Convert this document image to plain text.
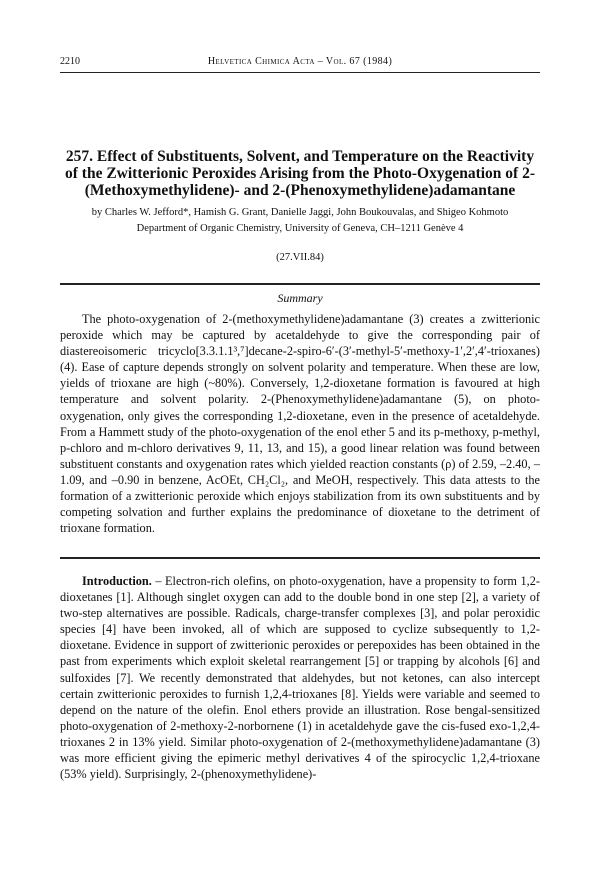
2210	Helvetica Chimica Acta – Vol. 67 (1984)
257. Effect of Substituents, Solvent, and Temperature on the Reactivity of the Zwitterionic Peroxides Arising from the Photo-Oxygenation of 2-(Methoxymethylidene)- and 2-(Phenoxymethylidene)adamantane
by Charles W. Jefford*, Hamish G. Grant, Danielle Jaggi, John Boukouvalas, and Shigeo Kohmoto
Department of Organic Chemistry, University of Geneva, CH–1211 Genève 4
(27.VII.84)
Summary

The photo-oxygenation of 2-(methoxymethylidene)adamantane (3) creates a zwitterionic peroxide which may be captured by acetaldehyde to give the corresponding pair of diastereoisomeric tricyclo[3.3.1.1³,⁷]decane-2-spiro-6′-(3′-methyl-5′-methoxy-1′,2′,4′-trioxanes) (4). Ease of capture depends strongly on solvent polarity and temperature. When these are low, yields of trioxane are high (~80%). Conversely, 1,2-dioxetane formation is favoured at high temperature and solvent polarity. 2-(Phenoxymethylidene)adamantane (5), on photo-oxygenation, only gives the corresponding 1,2-dioxetane, even in the presence of acetaldehyde. From a Hammett study of the photo-oxygenation of the enol ether 5 and its p-methoxy, p-methyl, p-chloro and m-chloro derivatives 9, 11, 13, and 15), a good linear relation was found between substituent constants and oxygenation rates which yielded reaction constants (ρ) of 2.59, –2.40, –1.09, and –0.90 in benzene, AcOEt, CH₂Cl₂, and MeOH, respectively. This data attests to the formation of a zwitterionic peroxide which enjoys stabilization from its own substituents and by competing solvation and further explains the predominance of dioxetane to the detriment of trioxane formation.

Introduction. – Electron-rich olefins, on photo-oxygenation, have a propensity to form 1,2-dioxetanes [1]. Although singlet oxygen can add to the double bond in one step [2], a variety of two-step alternatives are possible. Radicals, charge-transfer complexes [3], and polar peroxidic species [4] have been invoked, all of which are supposed to cyclize subsequently to 1,2-dioxetane. Evidence in support of zwitterionic peroxides or perepoxides has been obtained in the past from experiments which exploit skeletal rearrangement [5] or trapping by alcohols [6] and sulfoxides [7]. We recently demonstrated that aldehydes, but not ketones, can also intercept certain zwitterionic peroxides to furnish 1,2,4-trioxanes [8]. Yields were variable and seemed to depend on the nature of the olefin. Enol ethers provide an illustration. Rose bengal-sensitized photo-oxygenation of 2-methoxy-2-norbornene (1) in acetaldehyde gave the cis-fused exo-1,2,4-trioxanes 2 in 13% yield. Similar photo-oxygenation of 2-(methoxymethylidene)adamantane (3) was more efficient giving the epimeric methyl derivatives 4 of the spirocyclic 1,2,4-trioxane (53% yield). Surprisingly, 2-(phenoxymethylidene)-
